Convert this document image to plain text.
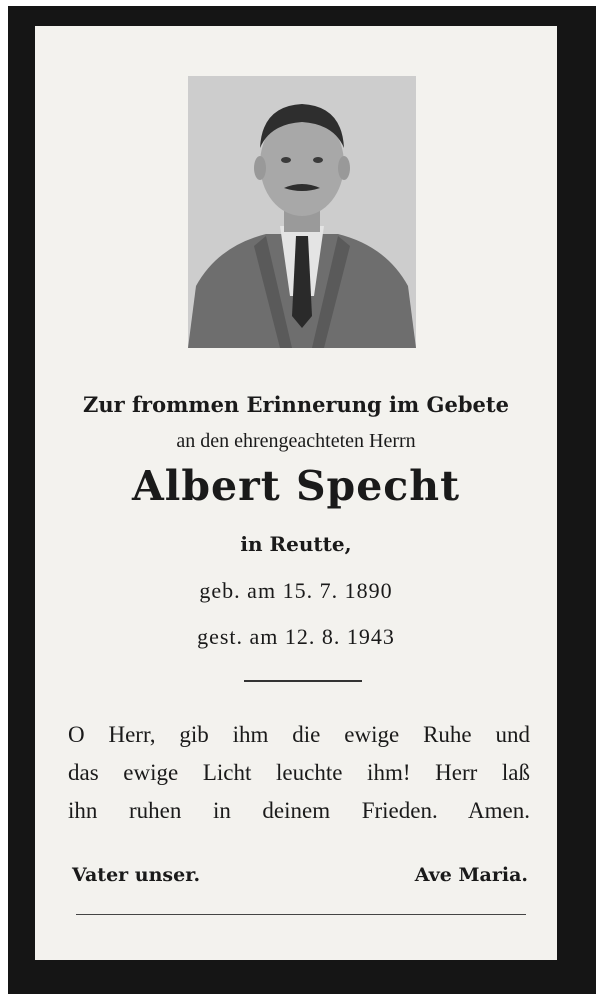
Zur frommen Erinnerung im Gebete
an den ehrengeachteten Herrn
Albert Specht
in Reutte,
geb. am 15. 7. 1890
gest. am 12. 8. 1943
O Herr, gib ihm die ewige Ruhe und
das ewige Licht leuchte ihm! Herr laß
ihn ruhen in deinem Frieden. Amen.
Vater unser.	Ave Maria.
